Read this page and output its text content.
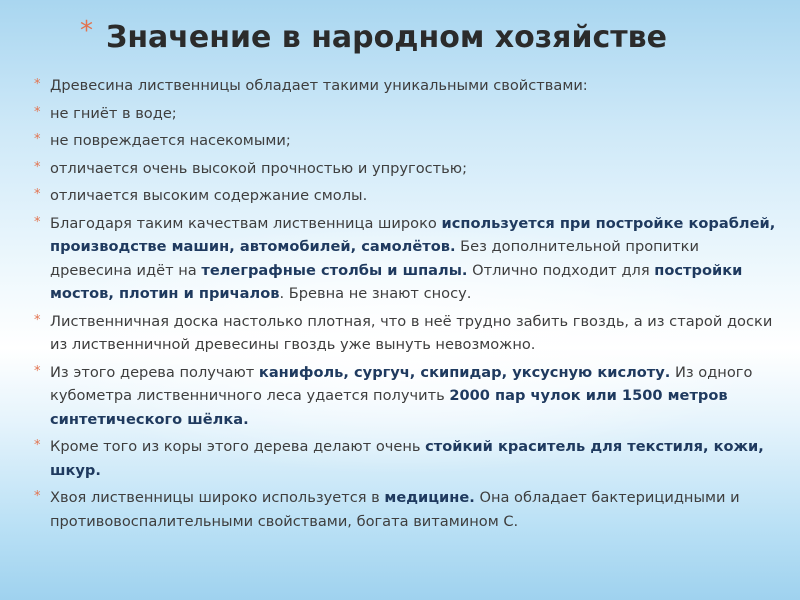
Значение в народном хозяйстве
*
* Древесина лиственницы обладает такими уникальными свойствами:
* не гниёт в воде;
* не повреждается насекомыми;
* отличается очень высокой прочностью и упругостью;
* отличается высоким содержание смолы.
* Благодаря таким качествам лиственница широко используется при постройке кораблей, производстве машин, автомобилей, самолётов. Без дополнительной пропитки древесина идёт на телеграфные столбы и шпалы. Отлично подходит для постройки мостов, плотин и причалов. Бревна не знают сносу.
* Лиственничная доска настолько плотная, что в неё трудно забить гвоздь, а из старой доски из лиственничной древесины гвоздь уже вынуть невозможно.
* Из этого дерева получают канифоль, сургуч, скипидар, уксусную кислоту. Из одного кубометра лиственничного леса удается получить 2000 пар чулок или 1500 метров синтетического шёлка.
* Кроме того из коры этого дерева делают очень стойкий краситель для текстиля, кожи, шкур.
* Хвоя лиственницы широко используется в медицине. Она обладает бактерицидными и противовоспалительными свойствами, богата витамином С.
